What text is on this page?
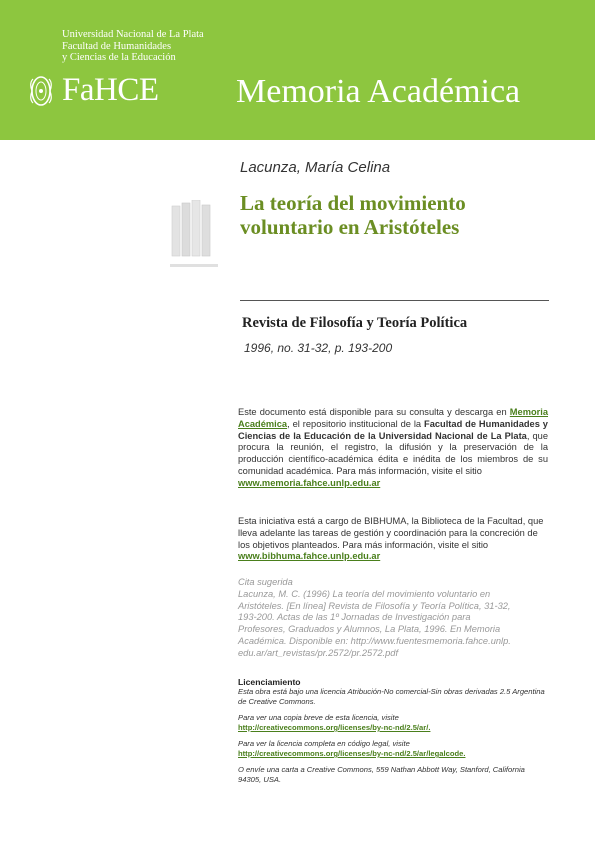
Universidad Nacional de La Plata
Facultad de Humanidades
y Ciencias de la Educación
FaHCE Memoria Académica
Lacunza, María Celina
La teoría del movimiento
voluntario en Aristóteles
Revista de Filosofía y Teoría Política
1996, no. 31-32, p. 193-200
Este documento está disponible para su consulta y descarga en Memoria Académica, el repositorio institucional de la Facultad de Humanidades y Ciencias de la Educación de la Universidad Nacional de La Plata, que procura la reunión, el registro, la difusión y la preservación de la producción científico-académica édita e inédita de los miembros de su comunidad académica. Para más información, visite el sitio
www.memoria.fahce.unlp.edu.ar
Esta iniciativa está a cargo de BIBHUMA, la Biblioteca de la Facultad, que lleva adelante las tareas de gestión y coordinación para la concreción de los objetivos planteados. Para más información, visite el sitio
www.bibhuma.fahce.unlp.edu.ar
Cita sugerida
Lacunza, M. C. (1996) La teoría del movimiento voluntario en
Aristóteles. [En línea] Revista de Filosofía y Teoría Política, 31-32,
193-200. Actas de las 1º Jornadas de Investigación para
Profesores, Graduados y Alumnos, La Plata, 1996. En Memoria
Académica. Disponible en: http://www.fuentesmemoria.fahce.unlp.
edu.ar/art_revistas/pr.2572/pr.2572.pdf
Licenciamiento

Esta obra está bajo una licencia Atribución-No comercial-Sin obras derivadas 2.5 Argentina de Creative Commons.

Para ver una copia breve de esta licencia, visite
http://creativecommons.org/licenses/by-nc-nd/2.5/ar/.

Para ver la licencia completa en código legal, visite
http://creativecommons.org/licenses/by-nc-nd/2.5/ar/legalcode.

O envíe una carta a Creative Commons, 559 Nathan Abbott Way, Stanford, California 94305, USA.
